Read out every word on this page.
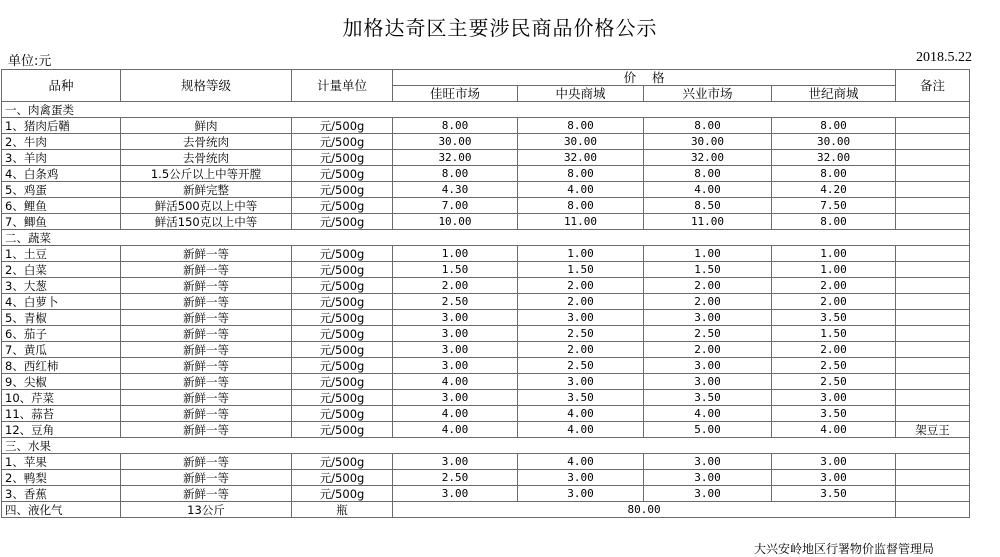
加格达奇区主要涉民商品价格公示
单位:元	2018.5.22
品种	规格等级	计量单位	价    格				备注
			佳旺市场	中央商城	兴业市场	世纪商城	
一、肉禽蛋类							
1、猪肉后鞧	鲜肉	元/500g	8.00	8.00	8.00	8.00	
2、牛肉	去骨统肉	元/500g	30.00	30.00	30.00	30.00	
3、羊肉	去骨统肉	元/500g	32.00	32.00	32.00	32.00	
4、白条鸡	1.5公斤以上中等开膛	元/500g	8.00	8.00	8.00	8.00	
5、鸡蛋	新鲜完整	元/500g	4.30	4.00	4.00	4.20	
6、鲤鱼	鲜活500克以上中等	元/500g	7.00	8.00	8.50	7.50	
7、鲫鱼	鲜活150克以上中等	元/500g	10.00	11.00	11.00	8.00	
二、蔬菜							
1、土豆	新鲜一等	元/500g	1.00	1.00	1.00	1.00	
2、白菜	新鲜一等	元/500g	1.50	1.50	1.50	1.00	
3、大葱	新鲜一等	元/500g	2.00	2.00	2.00	2.00	
4、白萝卜	新鲜一等	元/500g	2.50	2.00	2.00	2.00	
5、青椒	新鲜一等	元/500g	3.00	3.00	3.00	3.50	
6、茄子	新鲜一等	元/500g	3.00	2.50	2.50	1.50	
7、黄瓜	新鲜一等	元/500g	3.00	2.00	2.00	2.00	
8、西红柿	新鲜一等	元/500g	3.00	2.50	3.00	2.50	
9、尖椒	新鲜一等	元/500g	4.00	3.00	3.00	2.50	
10、芹菜	新鲜一等	元/500g	3.00	3.50	3.50	3.00	
11、蒜苔	新鲜一等	元/500g	4.00	4.00	4.00	3.50	
12、豆角	新鲜一等	元/500g	4.00	4.00	5.00	4.00	架豆王
三、水果							
1、苹果	新鲜一等	元/500g	3.00	4.00	3.00	3.00	
2、鸭梨	新鲜一等	元/500g	2.50	3.00	3.00	3.00	
3、香蕉	新鲜一等	元/500g	3.00	3.00	3.00	3.50	
四、液化气	13公斤	瓶	80.00				
大兴安岭地区行署物价监督管理局
